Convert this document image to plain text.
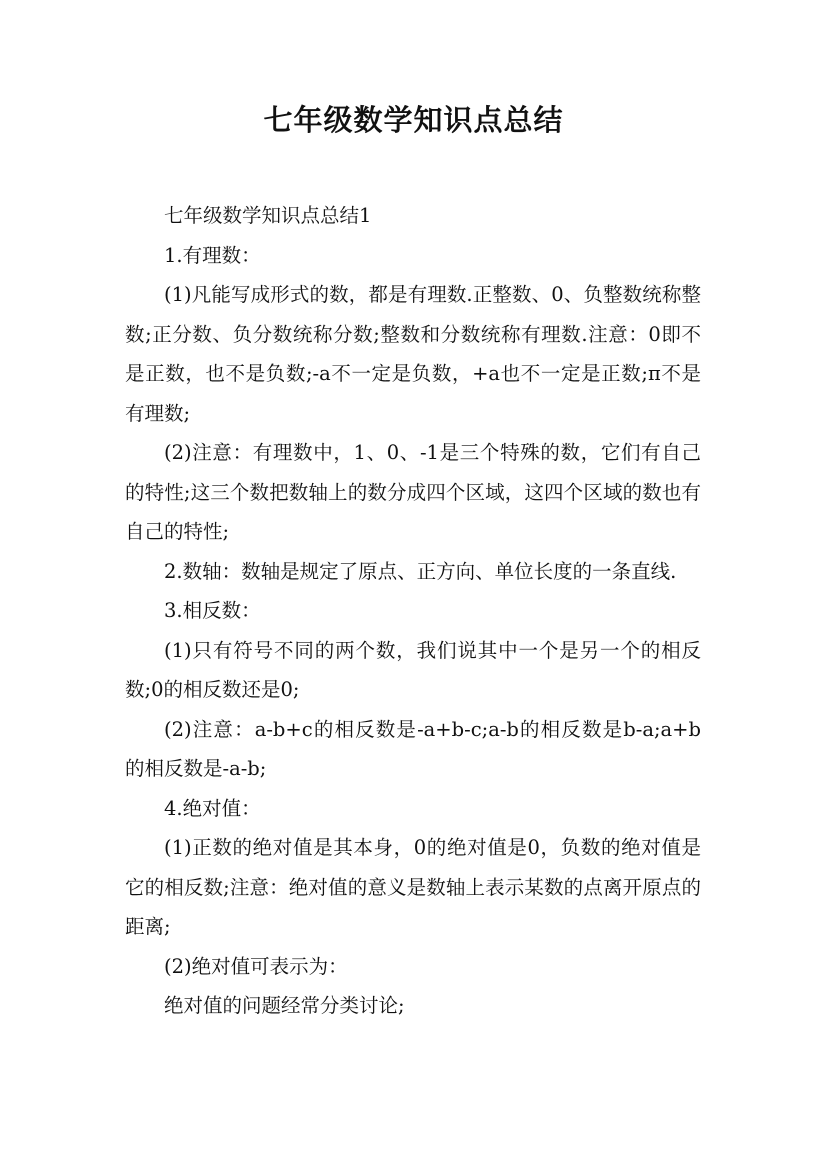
七年级数学知识点总结

七年级数学知识点总结1

1.有理数：

(1)凡能写成形式的数，都是有理数.正整数、0、负整数统称整数;正分数、负分数统称分数;整数和分数统称有理数.注意：0即不是正数，也不是负数;-a不一定是负数，+a也不一定是正数;π不是有理数;

(2)注意：有理数中，1、0、-1是三个特殊的数，它们有自己的特性;这三个数把数轴上的数分成四个区域，这四个区域的数也有自己的特性;

2.数轴：数轴是规定了原点、正方向、单位长度的一条直线.

3.相反数：

(1)只有符号不同的两个数，我们说其中一个是另一个的相反数;0的相反数还是0;

(2)注意：a-b+c的相反数是-a+b-c;a-b的相反数是b-a;a+b的相反数是-a-b;

4.绝对值：

(1)正数的绝对值是其本身，0的绝对值是0，负数的绝对值是它的相反数;注意：绝对值的意义是数轴上表示某数的点离开原点的距离;

(2)绝对值可表示为：

绝对值的问题经常分类讨论;
